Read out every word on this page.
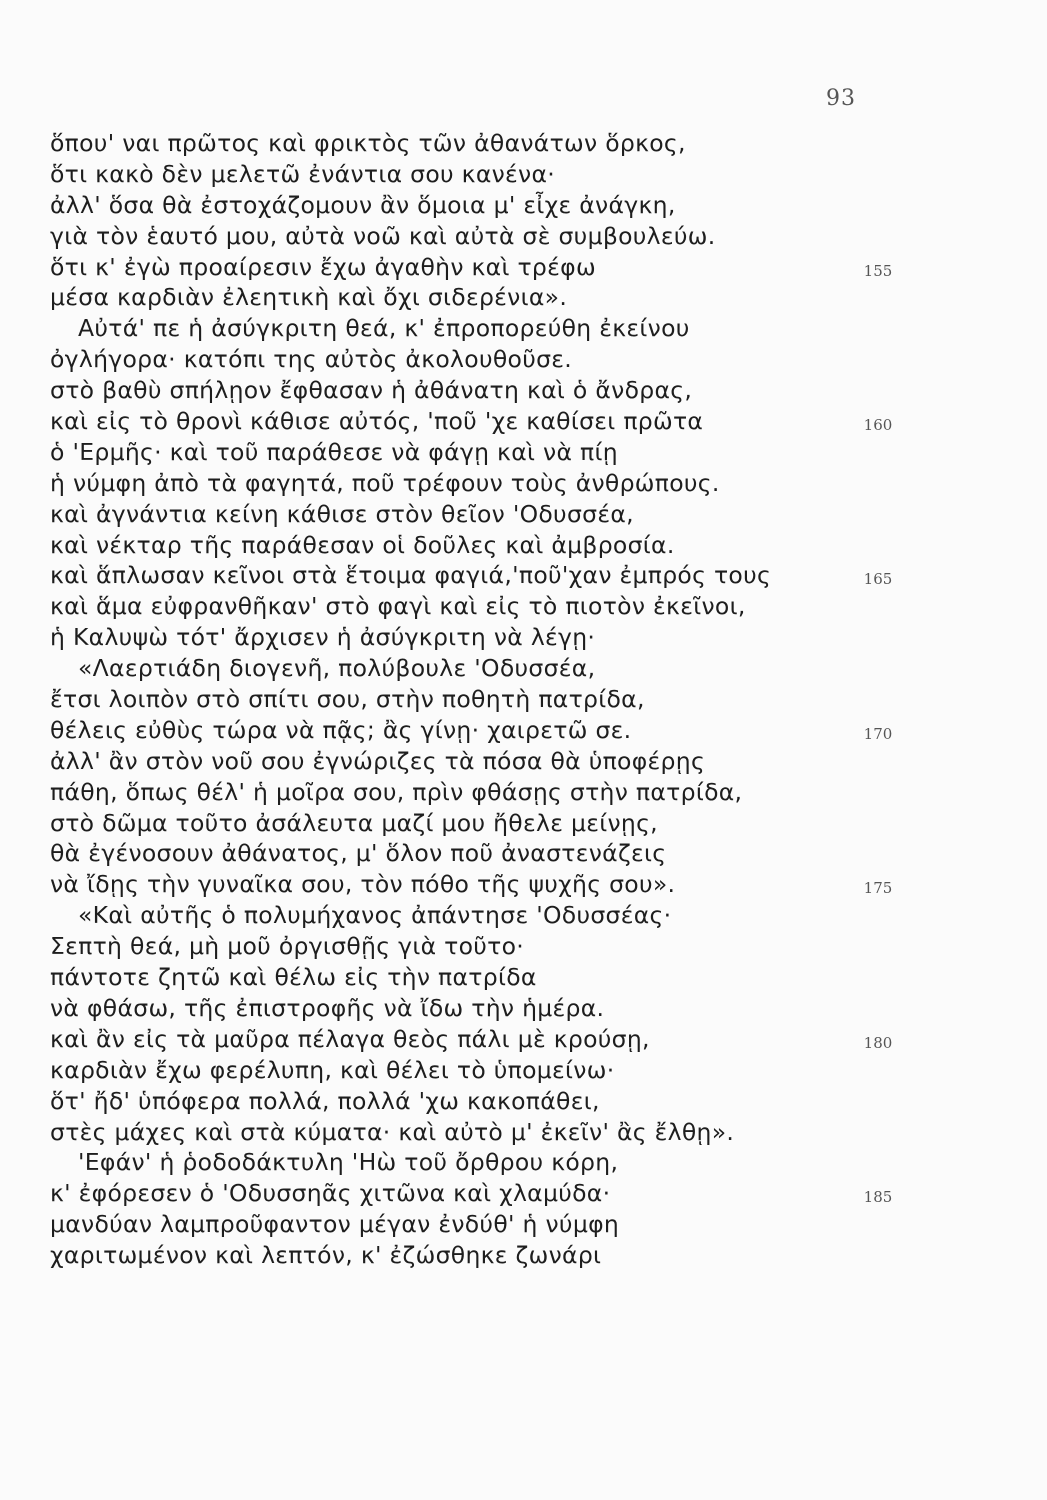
93
ὅπου' ναι πρῶτος καὶ φρικτὸς τῶν ἀθανάτων ὅρκος,
ὅτι κακὸ δὲν μελετῶ ἐνάντια σου κανένα·
ἀλλ' ὅσα θὰ ἐστοχάζομουν ἂν ὅμοια μ' εἶχε ἀνάγκη,
γιὰ τὸν ἑαυτό μου, αὐτὰ νοῶ καὶ αὐτὰ σὲ συμβουλεύω.
ὅτι κ' ἐγὼ προαίρεσιν ἔχω ἀγαθὴν καὶ τρέφω	155
μέσα καρδιὰν ἐλεητικὴ καὶ ὄχι σιδερένια».
Αὐτά' πε ἡ ἀσύγκριτη θεά, κ' ἐπροπορεύθη ἐκείνου
ὀγλήγορα· κατόπι της αὐτὸς ἀκολουθοῦσε.
στὸ βαθὺ σπήλῃον ἔφθασαν ἡ ἀθάνατη καὶ ὁ ἄνδρας,
καὶ εἰς τὸ θρονὶ κάθισε αὐτός, 'ποῦ 'χε καθίσει πρῶτα	160
ὁ 'Ερμῆς· καὶ τοῦ παράθεσε νὰ φάγῃ καὶ νὰ πίῃ
ἡ νύμφη ἀπὸ τὰ φαγητά, ποῦ τρέφουν τοὺς ἀνθρώπους.
καὶ ἀγνάντια κείνη κάθισε στὸν θεῖον 'Οδυσσέα,
καὶ νέκταρ τῆς παράθεσαν οἱ δοῦλες καὶ ἀμβροσία.
καὶ ἅπλωσαν κεῖνοι στὰ ἕτοιμα φαγιά,'ποῦ'χαν ἐμπρός τους	165
καὶ ἅμα εὐφρανθῆκαν' στὸ φαγὶ καὶ εἰς τὸ πιοτὸν ἐκεῖνοι,
ἡ Καλυψὼ τότ' ἄρχισεν ἡ ἀσύγκριτη νὰ λέγῃ·
«Λαερτιάδη διογενῆ, πολύβουλε 'Οδυσσέα,
ἔτσι λοιπὸν στὸ σπίτι σου, στὴν ποθητὴ πατρίδα,
θέλεις εὐθὺς τώρα νὰ πᾷς; ἂς γίνῃ· χαιρετῶ σε.	170
ἀλλ' ἂν στὸν νοῦ σου ἐγνώριζες τὰ πόσα θὰ ὑποφέρῃς
πάθη, ὅπως θέλ' ἡ μοῖρα σου, πρὶν φθάσῃς στὴν πατρίδα,
στὸ δῶμα τοῦτο ἀσάλευτα μαζί μου ἤθελε μείνῃς,
θὰ ἐγένοσουν ἀθάνατος, μ' ὅλον ποῦ ἀναστενάζεις
νὰ ἴδῃς τὴν γυναῖκα σου, τὸν πόθο τῆς ψυχῆς σου».	175
«Καὶ αὐτῆς ὁ πολυμήχανος ἀπάντησε 'Οδυσσέας·
Σεπτὴ θεά, μὴ μοῦ ὀργισθῇς γιὰ τοῦτο·
πάντοτε ζητῶ καὶ θέλω εἰς τὴν πατρίδα
νὰ φθάσω, τῆς ἐπιστροφῆς νὰ ἴδω τὴν ἡμέρα.
καὶ ἂν εἰς τὰ μαῦρα πέλαγα θεὸς πάλι μὲ κρούσῃ,	180
καρδιὰν ἔχω φερέλυπη, καὶ θέλει τὸ ὑπομείνω·
ὅτ' ἤδ' ὑπόφερα πολλά, πολλά 'χω κακοπάθει,
στὲς μάχες καὶ στὰ κύματα· καὶ αὐτὸ μ' ἐκεῖν' ἂς ἔλθῃ».
'Εφάν' ἡ ῥοδοδάκτυλη 'Ηὼ τοῦ ὄρθρου κόρη,
κ' ἐφόρεσεν ὁ 'Οδυσσηᾶς χιτῶνα καὶ χλαμύδα·	185
μανδύαν λαμπροῦφαντον μέγαν ἐνδύθ' ἡ νύμφη
χαριτωμένον καὶ λεπτόν, κ' ἐζώσθηκε ζωνάρι
